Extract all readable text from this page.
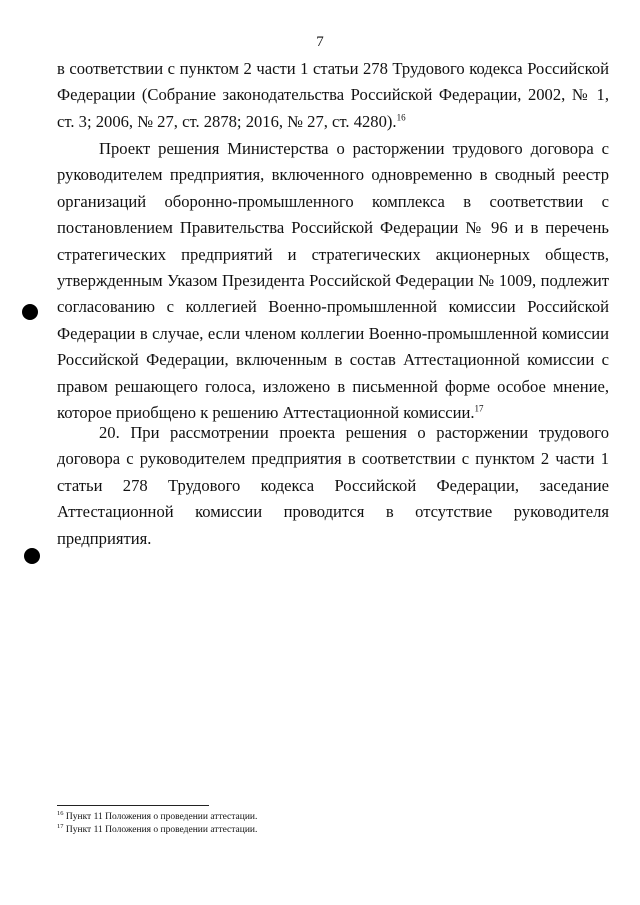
7
в соответствии с пунктом 2 части 1 статьи 278 Трудового кодекса Российской Федерации (Собрание законодательства Российской Федерации, 2002, № 1, ст. 3; 2006, № 27, ст. 2878; 2016, № 27, ст. 4280).$^{16}$
Проект решения Министерства о расторжении трудового договора с руководителем предприятия, включенного одновременно в сводный реестр организаций оборонно-промышленного комплекса в соответствии с постановлением Правительства Российской Федерации № 96 и в перечень стратегических предприятий и стратегических акционерных обществ, утвержденным Указом Президента Российской Федерации № 1009, подлежит согласованию с коллегией Военно-промышленной комиссии Российской Федерации в случае, если членом коллегии Военно-промышленной комиссии Российской Федерации, включенным в состав Аттестационной комиссии с правом решающего голоса, изложено в письменной форме особое мнение, которое приобщено к решению Аттестационной комиссии.$^{17}$
20. При рассмотрении проекта решения о расторжении трудового договора с руководителем предприятия в соответствии с пунктом 2 части 1 статьи 278 Трудового кодекса Российской Федерации, заседание Аттестационной комиссии проводится в отсутствие руководителя предприятия.
$^{16}$ Пункт 11 Положения о проведении аттестации.
$^{17}$ Пункт 11 Положения о проведении аттестации.
